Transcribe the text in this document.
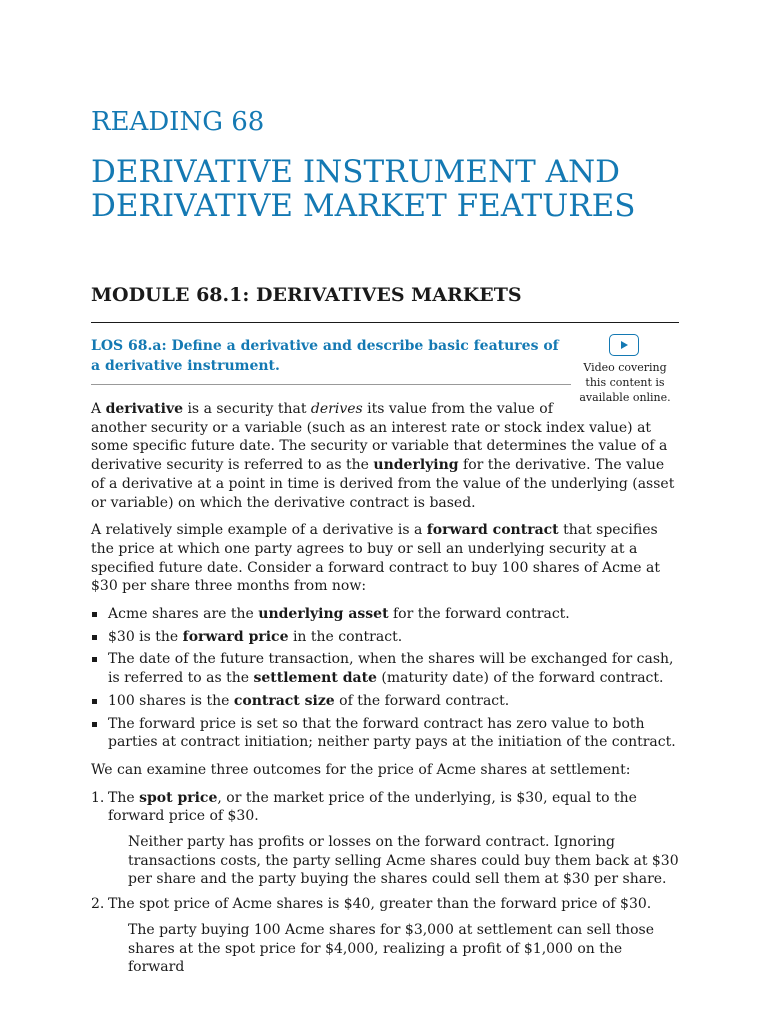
READING 68
DERIVATIVE INSTRUMENT AND
DERIVATIVE MARKET FEATURES
MODULE 68.1: DERIVATIVES MARKETS

LOS 68.a: Define a derivative and describe basic features of a derivative instrument.	Video covering
this content is
available online.

A derivative is a security that derives its value from the value of
another security or a variable (such as an interest rate or stock index value) at some specific future date. The security or variable that determines the value of a derivative security is referred to as the underlying for the derivative. The value of a derivative at a point in time is derived from the value of the underlying (asset or variable) on which the derivative contract is based.

A relatively simple example of a derivative is a forward contract that specifies the price at which one party agrees to buy or sell an underlying security at a specified future date. Consider a forward contract to buy 100 shares of Acme at $30 per share three months from now:

Acme shares are the underlying asset for the forward contract.
$30 is the forward price in the contract.
The date of the future transaction, when the shares will be exchanged for cash, is referred to as the settlement date (maturity date) of the forward contract.
100 shares is the contract size of the forward contract.
The forward price is set so that the forward contract has zero value to both parties at contract initiation; neither party pays at the initiation of the contract.

We can examine three outcomes for the price of Acme shares at settlement:

1. The spot price, or the market price of the underlying, is $30, equal to the forward price of $30.
Neither party has profits or losses on the forward contract. Ignoring transactions costs, the party selling Acme shares could buy them back at $30 per share and the party buying the shares could sell them at $30 per share.
2. The spot price of Acme shares is $40, greater than the forward price of $30.
The party buying 100 Acme shares for $3,000 at settlement can sell those shares at the spot price for $4,000, realizing a profit of $1,000 on the forward
